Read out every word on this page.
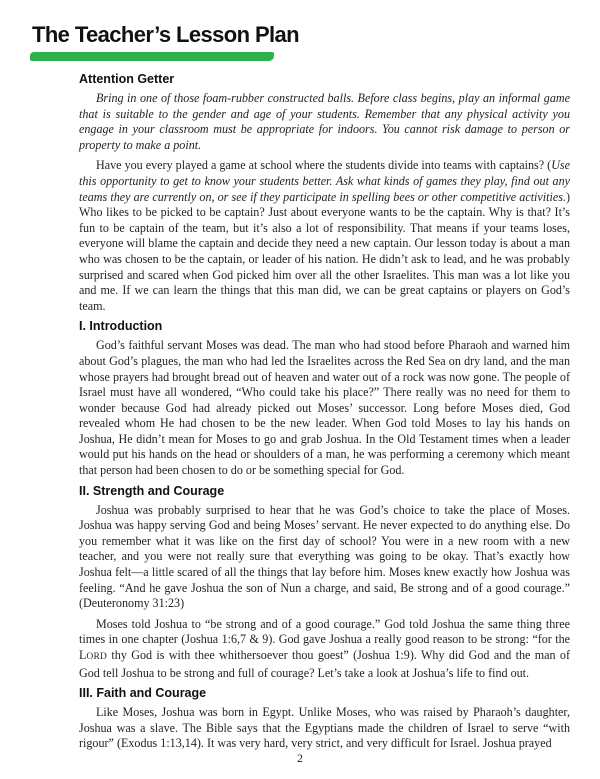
The Teacher’s Lesson Plan
Attention Getter

Bring in one of those foam-rubber constructed balls. Before class begins, play an informal game that is suitable to the gender and age of your students. Remember that any physical activity you engage in your classroom must be appropriate for indoors. You cannot risk damage to person or property to make a point.

Have you every played a game at school where the students divide into teams with captains? (Use this opportunity to get to know your students better. Ask what kinds of games they play, find out any teams they are currently on, or see if they participate in spelling bees or other competitive activities.) Who likes to be picked to be captain? Just about everyone wants to be the captain. Why is that? It’s fun to be captain of the team, but it’s also a lot of responsibility. That means if your teams loses, everyone will blame the captain and decide they need a new captain. Our lesson today is about a man who was chosen to be the captain, or leader of his nation. He didn’t ask to lead, and he was probably surprised and scared when God picked him over all the other Israelites. This man was a lot like you and me. If we can learn the things that this man did, we can be great captains or players on God’s team.

I. Introduction

God’s faithful servant Moses was dead. The man who had stood before Pharaoh and warned him about God’s plagues, the man who had led the Israelites across the Red Sea on dry land, and the man whose prayers had brought bread out of heaven and water out of a rock was now gone. The people of Israel must have all wondered, “Who could take his place?” There really was no need for them to wonder because God had already picked out Moses’ successor. Long before Moses died, God revealed whom He had chosen to be the new leader. When God told Moses to lay his hands on Joshua, He didn’t mean for Moses to go and grab Joshua. In the Old Testament times when a leader would put his hands on the head or shoulders of a man, he was performing a ceremony which meant that person had been chosen to do or be something special for God.

II. Strength and Courage

Joshua was probably surprised to hear that he was God’s choice to take the place of Moses. Joshua was happy serving God and being Moses’ servant. He never expected to do anything else. Do you remember what it was like on the first day of school? You were in a new room with a new teacher, and you were not really sure that everything was going to be okay. That’s exactly how Joshua felt—a little scared of all the things that lay before him. Moses knew exactly how Joshua was feeling. “And he gave Joshua the son of Nun a charge, and said, Be strong and of a good courage.” (Deuteronomy 31:23)

Moses told Joshua to “be strong and of a good courage.” God told Joshua the same thing three times in one chapter (Joshua 1:6,7 & 9). God gave Joshua a really good reason to be strong: “for the LORD thy God is with thee whithersoever thou goest” (Joshua 1:9). Why did God and the man of God tell Joshua to be strong and full of courage? Let’s take a look at Joshua’s life to find out.

III. Faith and Courage

Like Moses, Joshua was born in Egypt. Unlike Moses, who was raised by Pharaoh’s daughter, Joshua was a slave. The Bible says that the Egyptians made the children of Israel to serve “with rigour” (Exodus 1:13,14). It was very hard, very strict, and very difficult for Israel. Joshua prayed

2
